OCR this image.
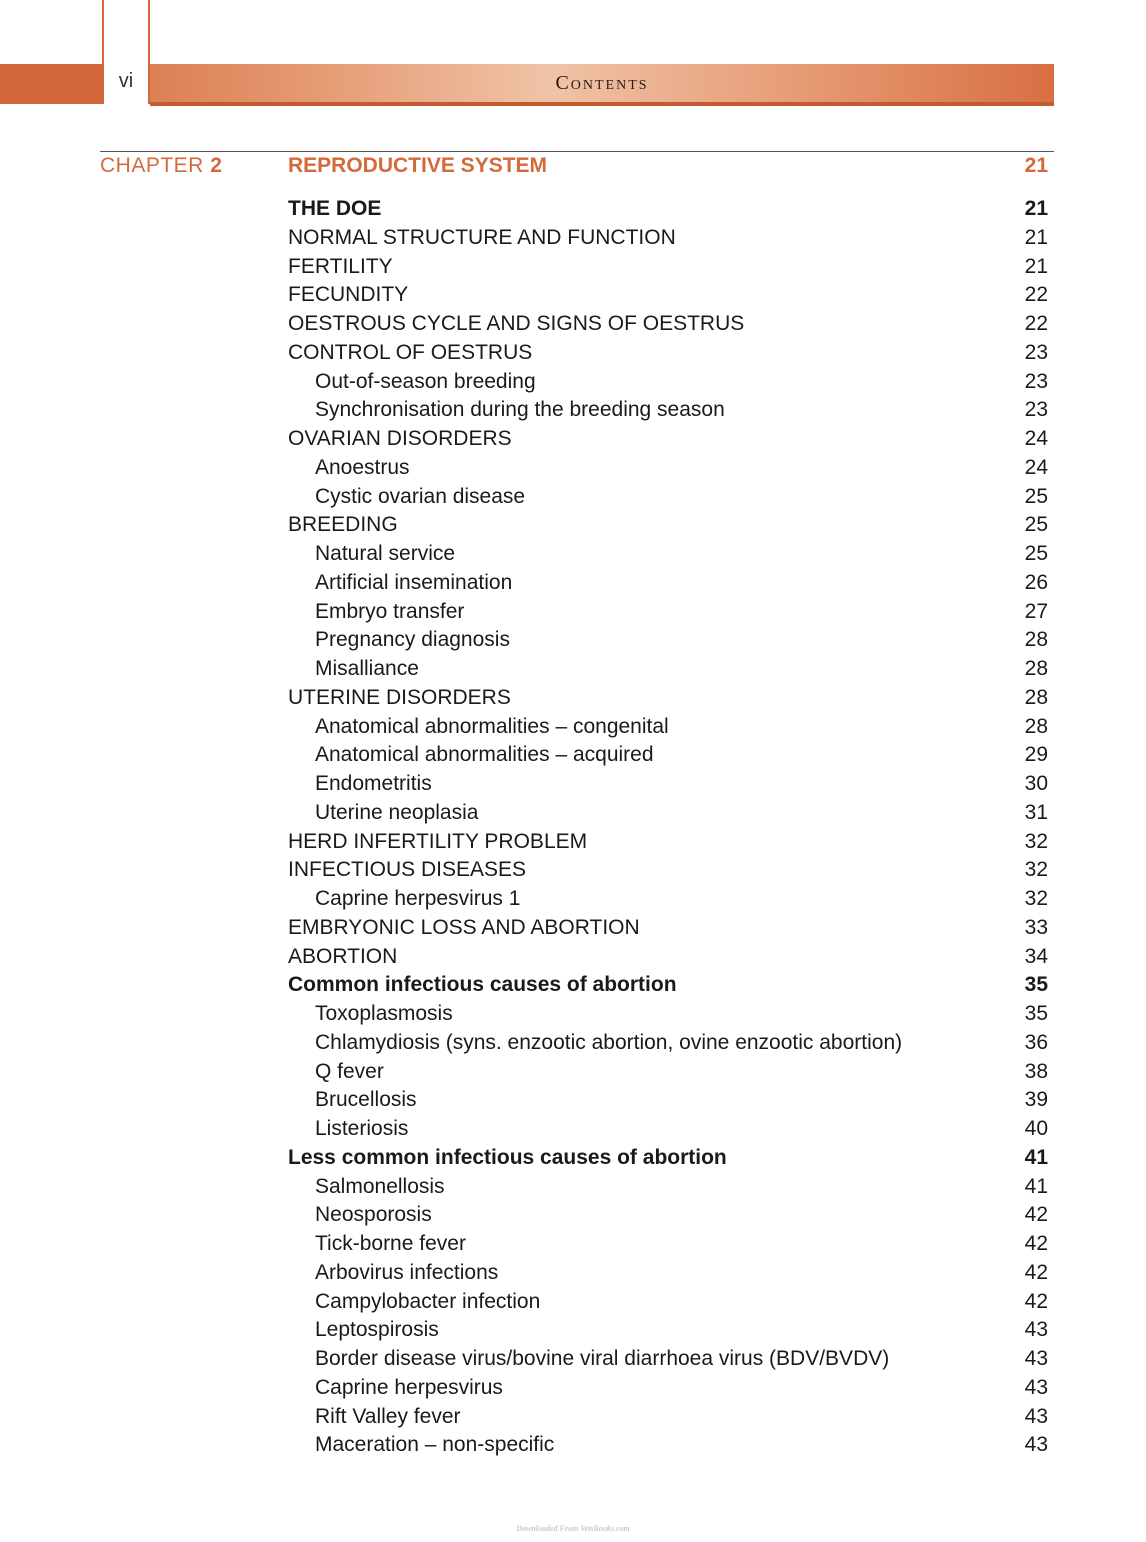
vi	Contents
CHAPTER 2	REPRODUCTIVE SYSTEM	21
THE DOE	21
NORMAL STRUCTURE AND FUNCTION	21
FERTILITY	21
FECUNDITY	22
OESTROUS CYCLE AND SIGNS OF OESTRUS	22
CONTROL OF OESTRUS	23
Out-of-season breeding	23
Synchronisation during the breeding season	23
OVARIAN DISORDERS	24
Anoestrus	24
Cystic ovarian disease	25
BREEDING	25
Natural service	25
Artificial insemination	26
Embryo transfer	27
Pregnancy diagnosis	28
Misalliance	28
UTERINE DISORDERS	28
Anatomical abnormalities – congenital	28
Anatomical abnormalities – acquired	29
Endometritis	30
Uterine neoplasia	31
HERD INFERTILITY PROBLEM	32
INFECTIOUS DISEASES	32
Caprine herpesvirus 1	32
EMBRYONIC LOSS AND ABORTION	33
ABORTION	34
Common infectious causes of abortion	35
Toxoplasmosis	35
Chlamydiosis (syns. enzootic abortion, ovine enzootic abortion)	36
Q fever	38
Brucellosis	39
Listeriosis	40
Less common infectious causes of abortion	41
Salmonellosis	41
Neosporosis	42
Tick-borne fever	42
Arbovirus infections	42
Campylobacter infection	42
Leptospirosis	43
Border disease virus/bovine viral diarrhoea virus (BDV/BVDV)	43
Caprine herpesvirus	43
Rift Valley fever	43
Maceration – non-specific	43
Downloaded From VetsBooks.com
